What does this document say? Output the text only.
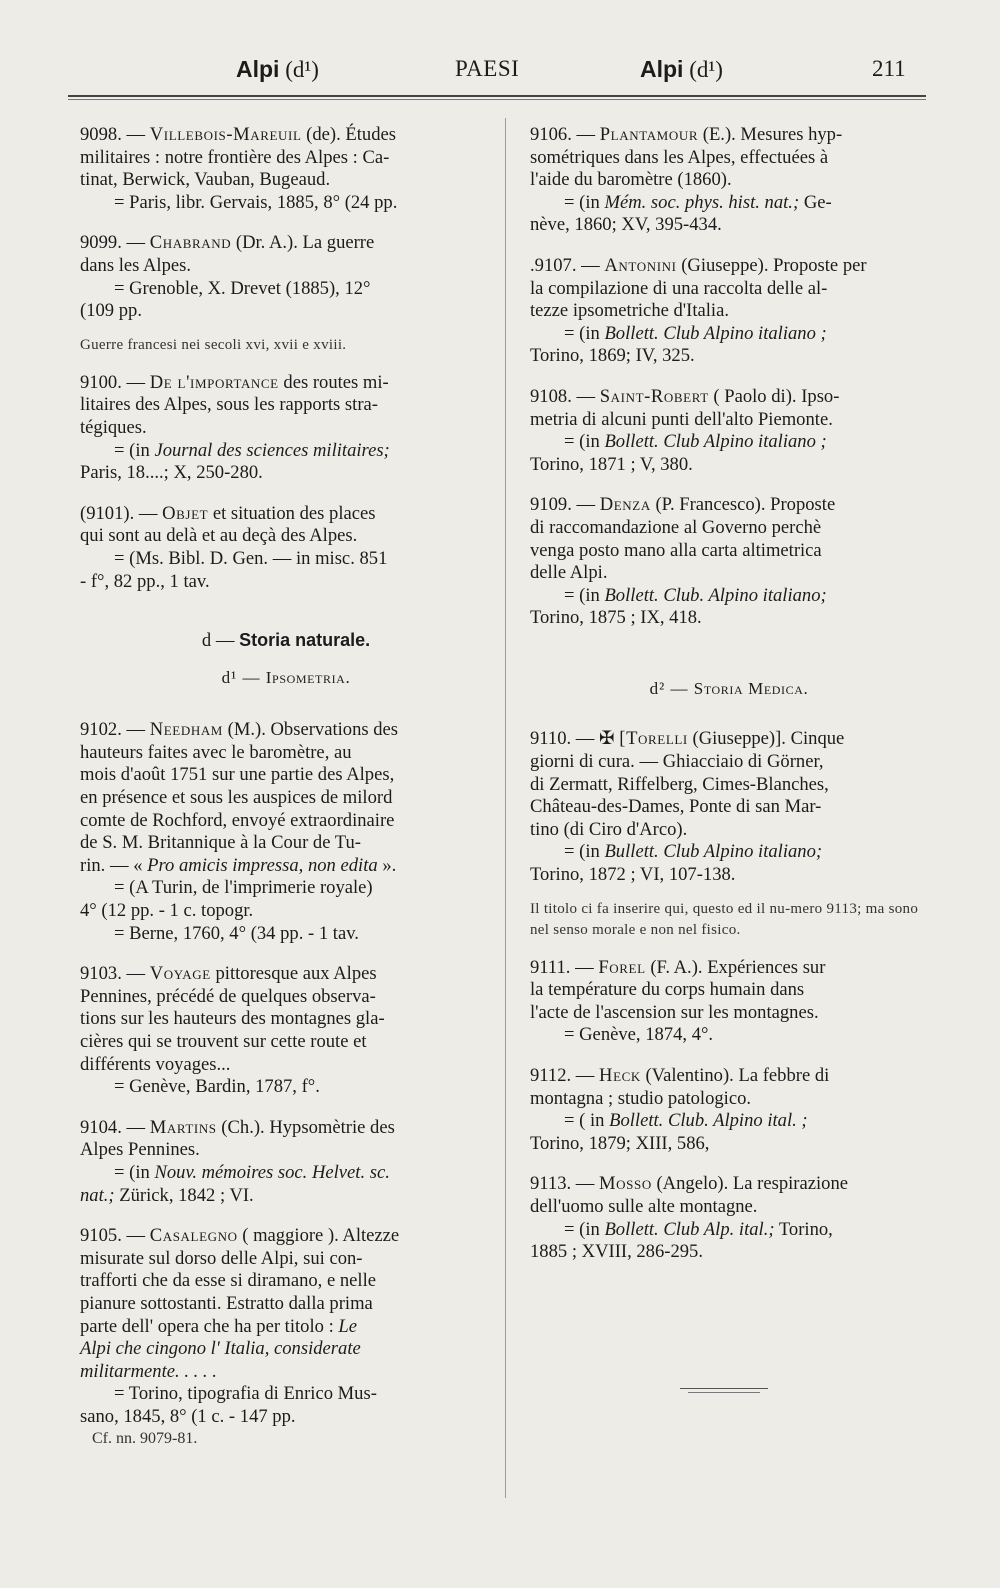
Alpi (d¹)	PAESI	Alpi (d¹)	211
9098. — Villebois-Mareuil (de). Études
militaires : notre frontière des Alpes : Ca-
tinat, Berwick, Vauban, Bugeaud.
= Paris, libr. Gervais, 1885, 8° (24 pp.
9099. — Chabrand (Dr. A.). La guerre
dans les Alpes.
= Grenoble, X. Drevet (1885), 12°
(109 pp.
Guerre francesi nei secoli xvi, xvii e xviii.
9100. — De l'importance des routes mi-
litaires des Alpes, sous les rapports stra-
tégiques.
= (in Journal des sciences militaires;
Paris, 18....; X, 250-280.
(9101). — Objet et situation des places
qui sont au delà et au deçà des Alpes.
= (Ms. Bibl. D. Gen. — in misc. 851
- f°, 82 pp., 1 tav.
d — Storia naturale.
d¹ — Ipsometria.
9102. — Needham (M.). Observations des
hauteurs faites avec le baromètre, au
mois d'août 1751 sur une partie des Alpes,
en présence et sous les auspices de milord
comte de Rochford, envoyé extraordinaire
de S. M. Britannique à la Cour de Tu-
rin. — « Pro amicis impressa, non edita ».
= (A Turin, de l'imprimerie royale)
4° (12 pp. - 1 c. topogr.
= Berne, 1760, 4° (34 pp. - 1 tav.
9103. — Voyage pittoresque aux Alpes
Pennines, précédé de quelques observa-
tions sur les hauteurs des montagnes gla-
cières qui se trouvent sur cette route et
différents voyages...
= Genève, Bardin, 1787, f°.
9104. — Martins (Ch.). Hypsomètrie des
Alpes Pennines.
= (in Nouv. mémoires soc. Helvet. sc.
nat.; Zürick, 1842 ; VI.
9105. — Casalegno ( maggiore ). Altezze
misurate sul dorso delle Alpi, sui con-
trafforti che da esse si diramano, e nelle
pianure sottostanti. Estratto dalla prima
parte dell' opera che ha per titolo : Le
Alpi che cingono l' Italia, considerate
militarmente. . . . .
= Torino, tipografia di Enrico Mus-
sano, 1845, 8° (1 c. - 147 pp.
Cf. nn. 9079-81.
9106. — Plantamour (E.). Mesures hyp-
sométriques dans les Alpes, effectuées à
l'aide du baromètre (1860).
= (in Mém. soc. phys. hist. nat.; Ge-
nève, 1860; XV, 395-434.
.9107. — Antonini (Giuseppe). Proposte per
la compilazione di una raccolta delle al-
tezze ipsometriche d'Italia.
= (in Bollett. Club Alpino italiano ;
Torino, 1869; IV, 325.
9108. — Saint-Robert ( Paolo di). Ipso-
metria di alcuni punti dell'alto Piemonte.
= (in Bollett. Club Alpino italiano ;
Torino, 1871 ; V, 380.
9109. — Denza (P. Francesco). Proposte
di raccomandazione al Governo perchè
venga posto mano alla carta altimetrica
delle Alpi.
= (in Bollett. Club. Alpino italiano;
Torino, 1875 ; IX, 418.
d² — Storia Medica.
9110. — ✠ [Torelli (Giuseppe)]. Cinque
giorni di cura. — Ghiacciaio di Görner,
di Zermatt, Riffelberg, Cimes-Blanches,
Château-des-Dames, Ponte di san Mar-
tino (di Ciro d'Arco).
= (in Bullett. Club Alpino italiano;
Torino, 1872 ; VI, 107-138.
Il titolo ci fa inserire qui, questo ed il nu-mero 9113; ma sono nel senso morale e non nel fisico.
9111. — Forel (F. A.). Expériences sur
la température du corps humain dans
l'acte de l'ascension sur les montagnes.
= Genève, 1874, 4°.
9112. — Heck (Valentino). La febbre di
montagna ; studio patologico.
= ( in Bollett. Club. Alpino ital. ;
Torino, 1879; XIII, 586,
9113. — Mosso (Angelo). La respirazione
dell'uomo sulle alte montagne.
= (in Bollett. Club Alp. ital.; Torino,
1885 ; XVIII, 286-295.
